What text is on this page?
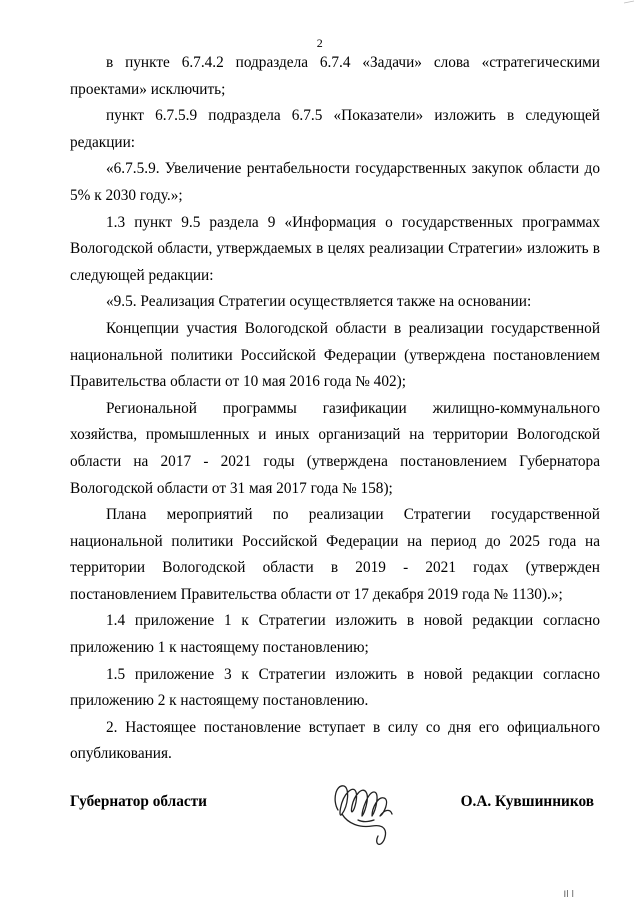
2

в пункте 6.7.4.2 подраздела 6.7.4 «Задачи» слова «стратегическими проектами» исключить;

пункт 6.7.5.9 подраздела 6.7.5 «Показатели» изложить в следующей редакции:

«6.7.5.9. Увеличение рентабельности государственных закупок области до 5% к 2030 году.»;

1.3 пункт 9.5 раздела 9 «Информация о государственных программах Вологодской области, утверждаемых в целях реализации Стратегии» изложить в следующей редакции:

«9.5. Реализация Стратегии осуществляется также на основании:

Концепции участия Вологодской области в реализации государственной национальной политики Российской Федерации (утверждена постановлением Правительства области от 10 мая 2016 года № 402);

Региональной программы газификации жилищно-коммунального хозяйства, промышленных и иных организаций на территории Вологодской области на 2017 - 2021 годы (утверждена постановлением Губернатора Вологодской области от 31 мая 2017 года № 158);

Плана мероприятий по реализации Стратегии государственной национальной политики Российской Федерации на период до 2025 года на территории Вологодской области в 2019 - 2021 годах (утвержден постановлением Правительства области от 17 декабря 2019 года № 1130).»;

1.4 приложение 1 к Стратегии изложить в новой редакции согласно приложению 1 к настоящему постановлению;

1.5 приложение 3 к Стратегии изложить в новой редакции согласно приложению 2 к настоящему постановлению.

2. Настоящее постановление вступает в силу со дня его официального опубликования.

Губернатор области	О.А. Кувшинников
Il l
